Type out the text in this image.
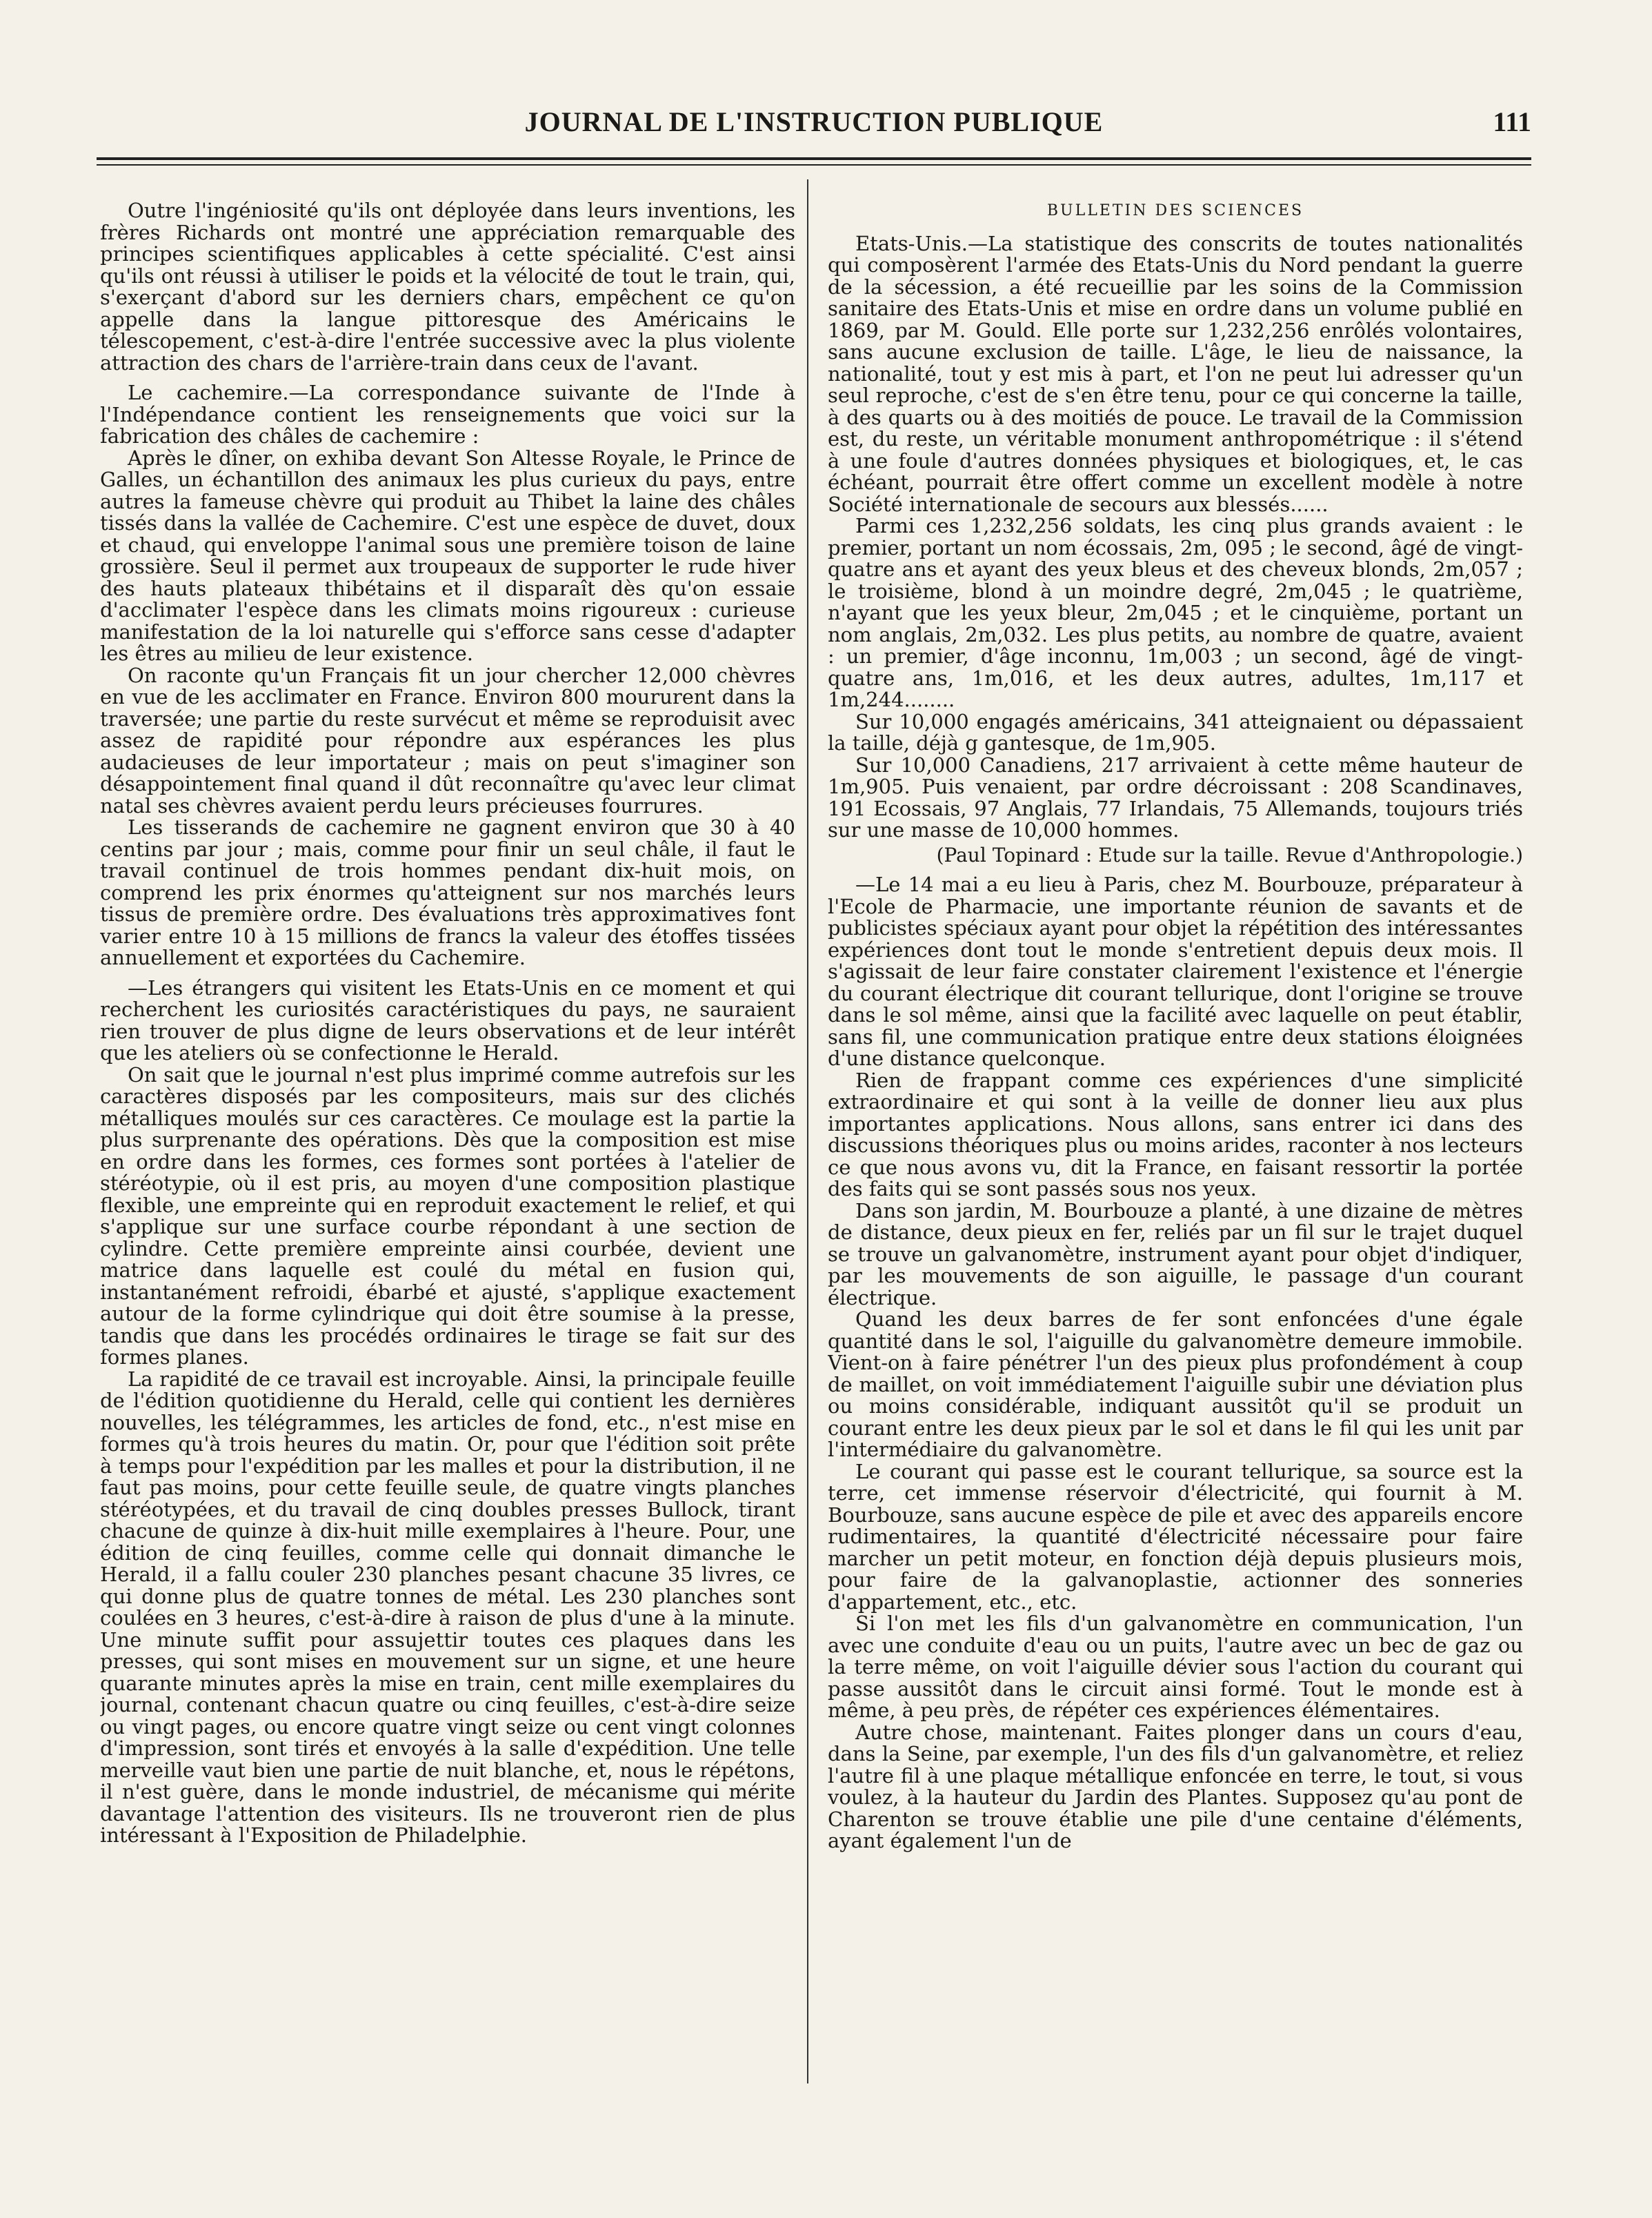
JOURNAL DE L'INSTRUCTION PUBLIQUE	111

Outre l'ingéniosité qu'ils ont déployée dans leurs inventions, les frères Richards ont montré une appréciation remarquable des principes scientifiques applicables à cette spécialité. C'est ainsi qu'ils ont réussi à utiliser le poids et la vélocité de tout le train, qui, s'exerçant d'abord sur les derniers chars, empêchent ce qu'on appelle dans la langue pittoresque des Américains le télescopement, c'est-à-dire l'entrée successive avec la plus violente attraction des chars de l'arrière-train dans ceux de l'avant.

Le cachemire.—La correspondance suivante de l'Inde à l'Indépendance contient les renseignements que voici sur la fabrication des châles de cachemire :

Après le dîner, on exhiba devant Son Altesse Royale, le Prince de Galles, un échantillon des animaux les plus curieux du pays, entre autres la fameuse chèvre qui produit au Thibet la laine des châles tissés dans la vallée de Cachemire. C'est une espèce de duvet, doux et chaud, qui enveloppe l'animal sous une première toison de laine grossière. Seul il permet aux troupeaux de supporter le rude hiver des hauts plateaux thibétains et il disparaît dès qu'on essaie d'acclimater l'espèce dans les climats moins rigoureux : curieuse manifestation de la loi naturelle qui s'efforce sans cesse d'adapter les êtres au milieu de leur existence.

On raconte qu'un Français fit un jour chercher 12,000 chèvres en vue de les acclimater en France. Environ 800 moururent dans la traversée; une partie du reste survécut et même se reproduisit avec assez de rapidité pour répondre aux espérances les plus audacieuses de leur importateur ; mais on peut s'imaginer son désappointement final quand il dût reconnaître qu'avec leur climat natal ses chèvres avaient perdu leurs précieuses fourrures.

Les tisserands de cachemire ne gagnent environ que 30 à 40 centins par jour ; mais, comme pour finir un seul châle, il faut le travail continuel de trois hommes pendant dix-huit mois, on comprend les prix énormes qu'atteignent sur nos marchés leurs tissus de première ordre. Des évaluations très approximatives font varier entre 10 à 15 millions de francs la valeur des étoffes tissées annuellement et exportées du Cachemire.

—Les étrangers qui visitent les Etats-Unis en ce moment et qui recherchent les curiosités caractéristiques du pays, ne sauraient rien trouver de plus digne de leurs observations et de leur intérêt que les ateliers où se confectionne le Herald.

On sait que le journal n'est plus imprimé comme autrefois sur les caractères disposés par les compositeurs, mais sur des clichés métalliques moulés sur ces caractères. Ce moulage est la partie la plus surprenante des opérations. Dès que la composition est mise en ordre dans les formes, ces formes sont portées à l'atelier de stéréotypie, où il est pris, au moyen d'une composition plastique flexible, une empreinte qui en reproduit exactement le relief, et qui s'applique sur une surface courbe répondant à une section de cylindre. Cette première empreinte ainsi courbée, devient une matrice dans laquelle est coulé du métal en fusion qui, instantanément refroidi, ébarbé et ajusté, s'applique exactement autour de la forme cylindrique qui doit être soumise à la presse, tandis que dans les procédés ordinaires le tirage se fait sur des formes planes.

La rapidité de ce travail est incroyable. Ainsi, la principale feuille de l'édition quotidienne du Herald, celle qui contient les dernières nouvelles, les télégrammes, les articles de fond, etc., n'est mise en formes qu'à trois heures du matin. Or, pour que l'édition soit prête à temps pour l'expédition par les malles et pour la distribution, il ne faut pas moins, pour cette feuille seule, de quatre vingts planches stéréotypées, et du travail de cinq doubles presses Bullock, tirant chacune de quinze à dix-huit mille exemplaires à l'heure. Pour, une édition de cinq feuilles, comme celle qui donnait dimanche le Herald, il a fallu couler 230 planches pesant chacune 35 livres, ce qui donne plus de quatre tonnes de métal. Les 230 planches sont coulées en 3 heures, c'est-à-dire à raison de plus d'une à la minute. Une minute suffit pour assujettir toutes ces plaques dans les presses, qui sont mises en mouvement sur un signe, et une heure quarante minutes après la mise en train, cent mille exemplaires du journal, contenant chacun quatre ou cinq feuilles, c'est-à-dire seize ou vingt pages, ou encore quatre vingt seize ou cent vingt colonnes d'impression, sont tirés et envoyés à la salle d'expédition. Une telle merveille vaut bien une partie de nuit blanche, et, nous le répétons, il n'est guère, dans le monde industriel, de mécanisme qui mérite davantage l'attention des visiteurs. Ils ne trouveront rien de plus intéressant à l'Exposition de Philadelphie.

BULLETIN DES SCIENCES

Etats-Unis.—La statistique des conscrits de toutes nationalités qui composèrent l'armée des Etats-Unis du Nord pendant la guerre de la sécession, a été recueillie par les soins de la Commission sanitaire des Etats-Unis et mise en ordre dans un volume publié en 1869, par M. Gould. Elle porte sur 1,232,256 enrôlés volontaires, sans aucune exclusion de taille. L'âge, le lieu de naissance, la nationalité, tout y est mis à part, et l'on ne peut lui adresser qu'un seul reproche, c'est de s'en être tenu, pour ce qui concerne la taille, à des quarts ou à des moitiés de pouce. Le travail de la Commission est, du reste, un véritable monument anthropométrique : il s'étend à une foule d'autres données physiques et biologiques, et, le cas échéant, pourrait être offert comme un excellent modèle à notre Société internationale de secours aux blessés......

Parmi ces 1,232,256 soldats, les cinq plus grands avaient : le premier, portant un nom écossais, 2m, 095 ; le second, âgé de vingt-quatre ans et ayant des yeux bleus et des cheveux blonds, 2m,057 ; le troisième, blond à un moindre degré, 2m,045 ; le quatrième, n'ayant que les yeux bleur, 2m,045 ; et le cinquième, portant un nom anglais, 2m,032. Les plus petits, au nombre de quatre, avaient : un premier, d'âge inconnu, 1m,003 ; un second, âgé de vingt-quatre ans, 1m,016, et les deux autres, adultes, 1m,117 et 1m,244........

Sur 10,000 engagés américains, 341 atteignaient ou dépassaient la taille, déjà g gantesque, de 1m,905.

Sur 10,000 Canadiens, 217 arrivaient à cette même hauteur de 1m,905. Puis venaient, par ordre décroissant : 208 Scandinaves, 191 Ecossais, 97 Anglais, 77 Irlandais, 75 Allemands, toujours triés sur une masse de 10,000 hommes.

(Paul Topinard : Etude sur la taille. Revue d'Anthropologie.)

—Le 14 mai a eu lieu à Paris, chez M. Bourbouze, préparateur à l'Ecole de Pharmacie, une importante réunion de savants et de publicistes spéciaux ayant pour objet la répétition des intéressantes expériences dont tout le monde s'entretient depuis deux mois. Il s'agissait de leur faire constater clairement l'existence et l'énergie du courant électrique dit courant tellurique, dont l'origine se trouve dans le sol même, ainsi que la facilité avec laquelle on peut établir, sans fil, une communication pratique entre deux stations éloignées d'une distance quelconque.

Rien de frappant comme ces expériences d'une simplicité extraordinaire et qui sont à la veille de donner lieu aux plus importantes applications. Nous allons, sans entrer ici dans des discussions théoriques plus ou moins arides, raconter à nos lecteurs ce que nous avons vu, dit la France, en faisant ressortir la portée des faits qui se sont passés sous nos yeux.

Dans son jardin, M. Bourbouze a planté, à une dizaine de mètres de distance, deux pieux en fer, reliés par un fil sur le trajet duquel se trouve un galvanomètre, instrument ayant pour objet d'indiquer, par les mouvements de son aiguille, le passage d'un courant électrique.

Quand les deux barres de fer sont enfoncées d'une égale quantité dans le sol, l'aiguille du galvanomètre demeure immobile. Vient-on à faire pénétrer l'un des pieux plus profondément à coup de maillet, on voit immédiatement l'aiguille subir une déviation plus ou moins considérable, indiquant aussitôt qu'il se produit un courant entre les deux pieux par le sol et dans le fil qui les unit par l'intermédiaire du galvanomètre.

Le courant qui passe est le courant tellurique, sa source est la terre, cet immense réservoir d'électricité, qui fournit à M. Bourbouze, sans aucune espèce de pile et avec des appareils encore rudimentaires, la quantité d'électricité nécessaire pour faire marcher un petit moteur, en fonction déjà depuis plusieurs mois, pour faire de la galvanoplastie, actionner des sonneries d'appartement, etc., etc.

Si l'on met les fils d'un galvanomètre en communication, l'un avec une conduite d'eau ou un puits, l'autre avec un bec de gaz ou la terre même, on voit l'aiguille dévier sous l'action du courant qui passe aussitôt dans le circuit ainsi formé. Tout le monde est à même, à peu près, de répéter ces expériences élémentaires.

Autre chose, maintenant. Faites plonger dans un cours d'eau, dans la Seine, par exemple, l'un des fils d'un galvanomètre, et reliez l'autre fil à une plaque métallique enfoncée en terre, le tout, si vous voulez, à la hauteur du Jardin des Plantes. Supposez qu'au pont de Charenton se trouve établie une pile d'une centaine d'éléments, ayant également l'un de
